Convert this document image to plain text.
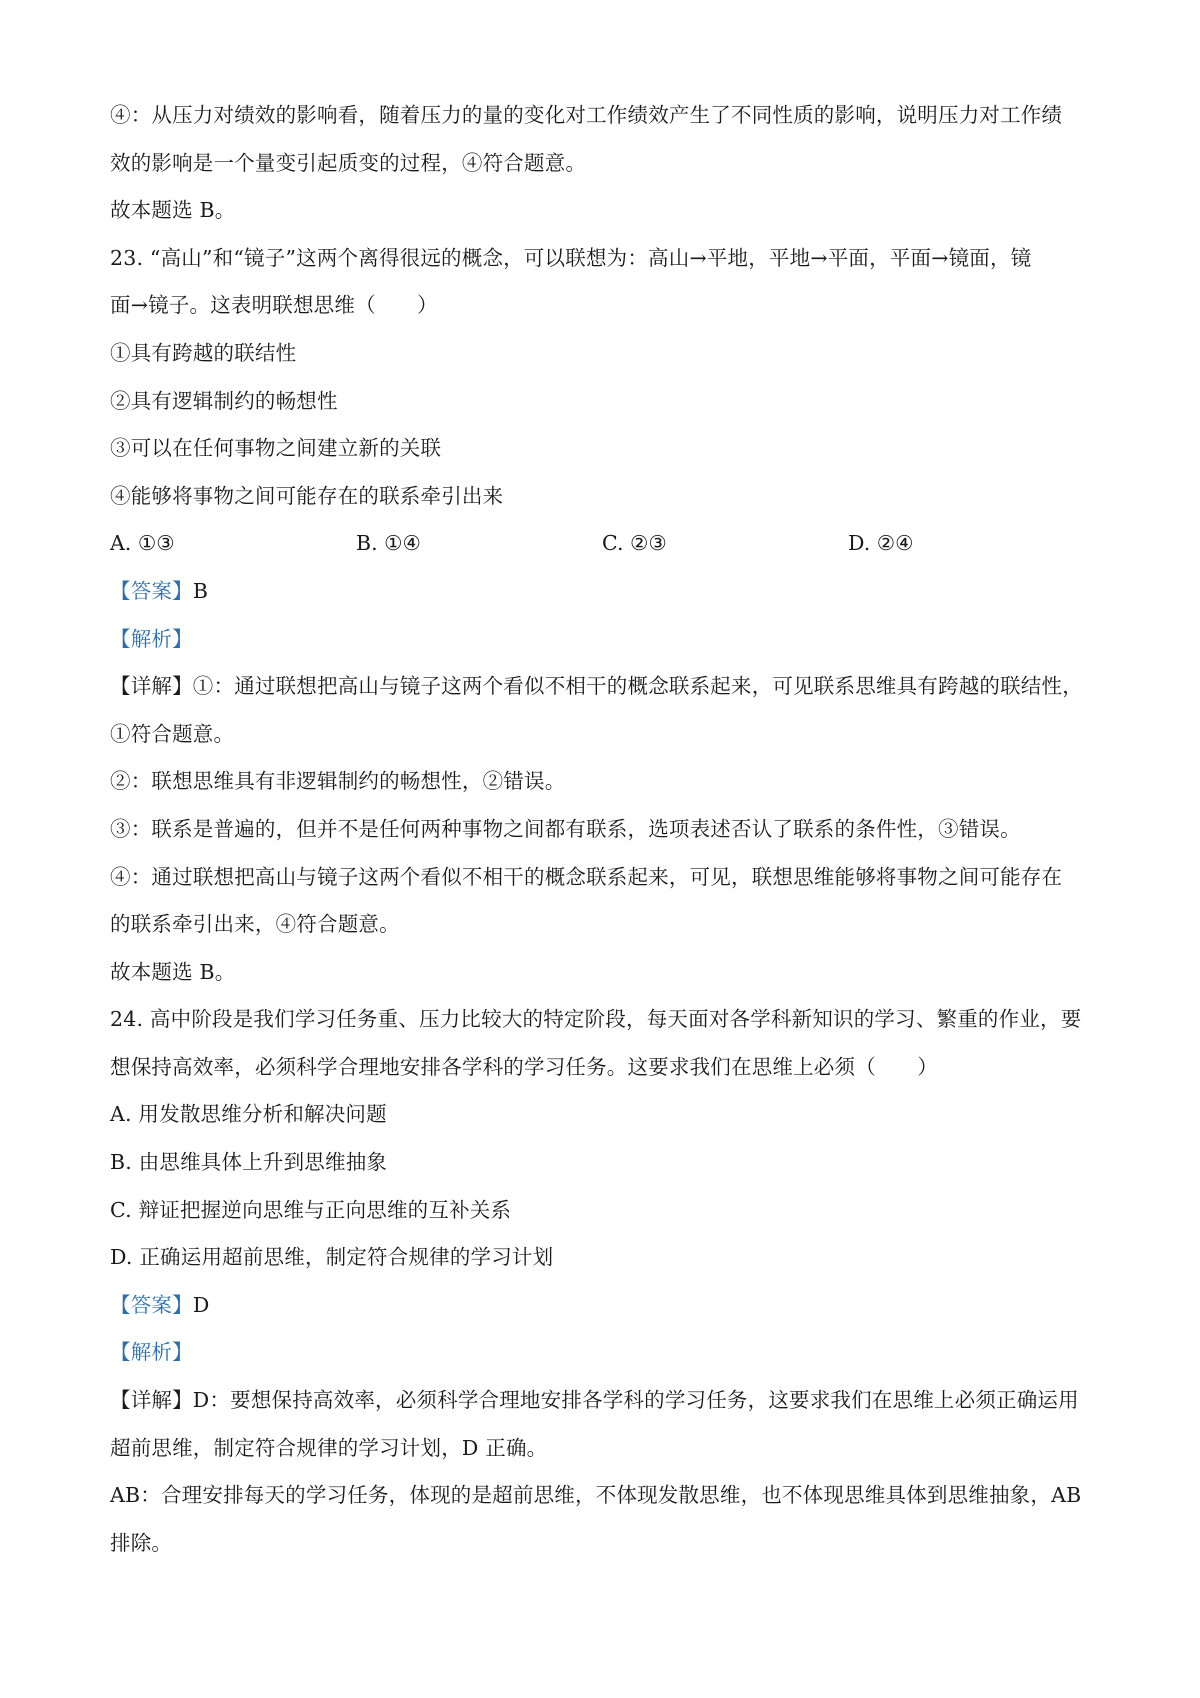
④：从压力对绩效的影响看，随着压力的量的变化对工作绩效产生了不同性质的影响，说明压力对工作绩
效的影响是一个量变引起质变的过程，④符合题意。
故本题选 B。
23. “高山”和“镜子”这两个离得很远的概念，可以联想为：高山→平地，平地→平面，平面→镜面，镜
面→镜子。这表明联想思维（　　）
①具有跨越的联结性
②具有逻辑制约的畅想性
③可以在任何事物之间建立新的关联
④能够将事物之间可能存在的联系牵引出来
A. ①③	B. ①④	C. ②③	D. ②④
【答案】B
【解析】
【详解】①：通过联想把高山与镜子这两个看似不相干的概念联系起来，可见联系思维具有跨越的联结性，
①符合题意。
②：联想思维具有非逻辑制约的畅想性，②错误。
③：联系是普遍的，但并不是任何两种事物之间都有联系，选项表述否认了联系的条件性，③错误。
④：通过联想把高山与镜子这两个看似不相干的概念联系起来，可见，联想思维能够将事物之间可能存在
的联系牵引出来，④符合题意。
故本题选 B。
24. 高中阶段是我们学习任务重、压力比较大的特定阶段，每天面对各学科新知识的学习、繁重的作业，要
想保持高效率，必须科学合理地安排各学科的学习任务。这要求我们在思维上必须（　　）
A. 用发散思维分析和解决问题
B. 由思维具体上升到思维抽象
C. 辩证把握逆向思维与正向思维的互补关系
D. 正确运用超前思维，制定符合规律的学习计划
【答案】D
【解析】
【详解】D：要想保持高效率，必须科学合理地安排各学科的学习任务，这要求我们在思维上必须正确运用
超前思维，制定符合规律的学习计划，D 正确。
AB：合理安排每天的学习任务，体现的是超前思维，不体现发散思维，也不体现思维具体到思维抽象，AB
排除。
